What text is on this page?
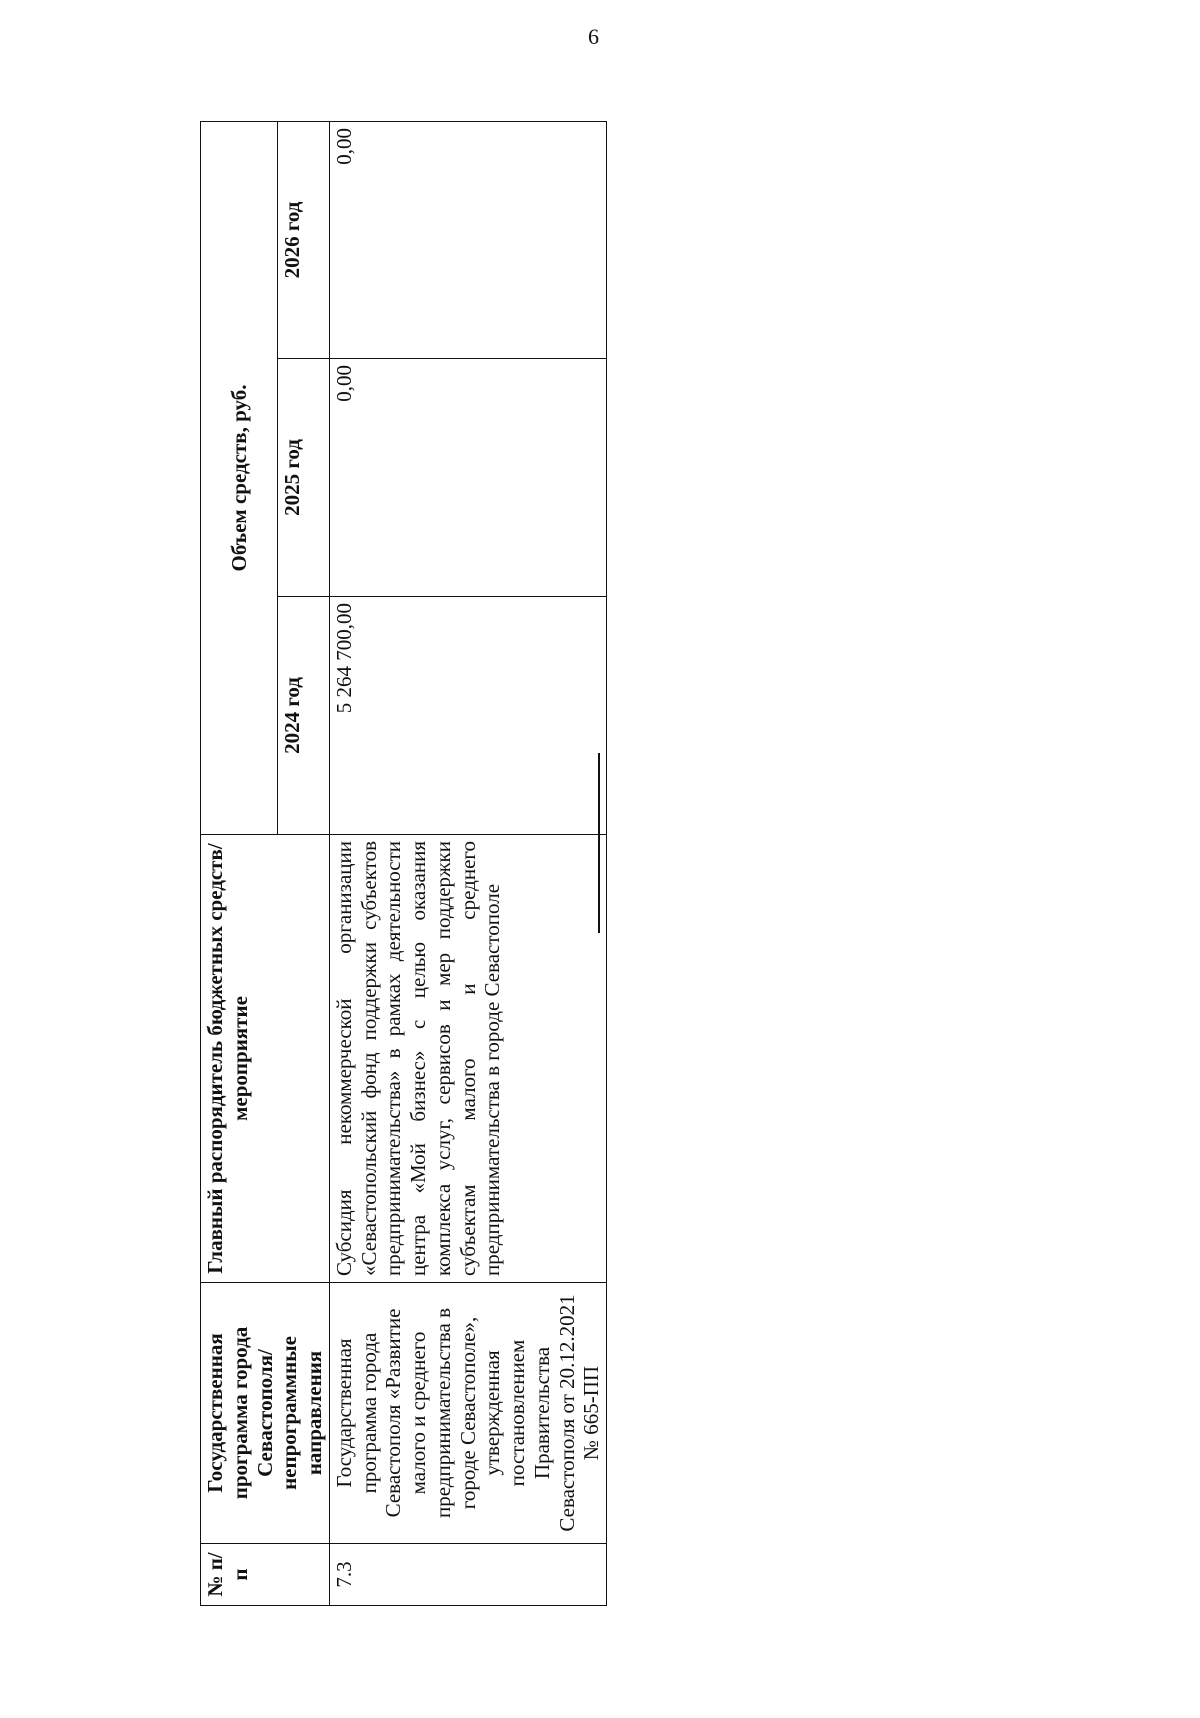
6
№ п/п	Государственная программа города Севастополя/ непрограммные направления	Главный распорядитель бюджетных средств/мероприятие	Объем средств, руб.		
			2024 год	2025 год	2026 год
7.3	Государственная программа города Севастополя «Развитие малого и среднего предпринимательства в городе Севастополе», утвержденная постановлением Правительства Севастополя от 20.12.2021 № 665-ПП	Субсидия некоммерческой организации «Севастопольский фонд поддержки субъектов предпринимательства» в рамках деятельности центра «Мой бизнес» с целью оказания комплекса услуг, сервисов и мер поддержки субъектам малого и среднего предпринимательства в городе Севастополе	5 264 700,00	0,00	0,00
